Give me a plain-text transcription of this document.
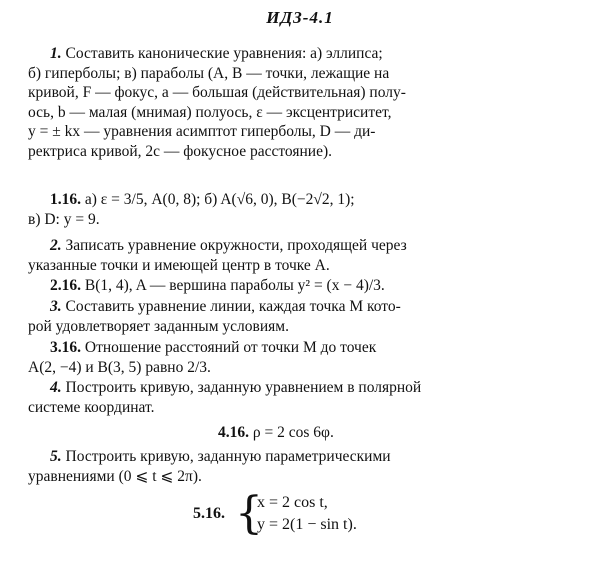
ИДЗ-4.1
1. Составить канонические уравнения: а) эллипса;
б) гиперболы; в) параболы (A, B — точки, лежащие на
кривой, F — фокус, a — большая (действительная) полу-
ось, b — малая (мнимая) полуось, ε — эксцентриситет,
y = ± kx — уравнения асимптот гиперболы, D — ди-
ректриса кривой, 2c — фокусное расстояние).
1.16. а) ε = 3/5, A(0, 8); б) A(√6, 0), B(−2√2, 1);
в) D: y = 9.
2. Записать уравнение окружности, проходящей через
указанные точки и имеющей центр в точке A.
2.16. B(1, 4), A — вершина параболы y² = (x − 4)/3.
3. Составить уравнение линии, каждая точка M кото-
рой удовлетворяет заданным условиям.
3.16. Отношение расстояний от точки M до точек
A(2, −4) и B(3, 5) равно 2/3.
4. Построить кривую, заданную уравнением в полярной
системе координат.
4.16. ρ = 2 cos 6φ.
5. Построить кривую, заданную параметрическими
уравнениями (0 ⩽ t ⩽ 2π).
5.16. {
x = 2 cos t,
y = 2(1 − sin t).
